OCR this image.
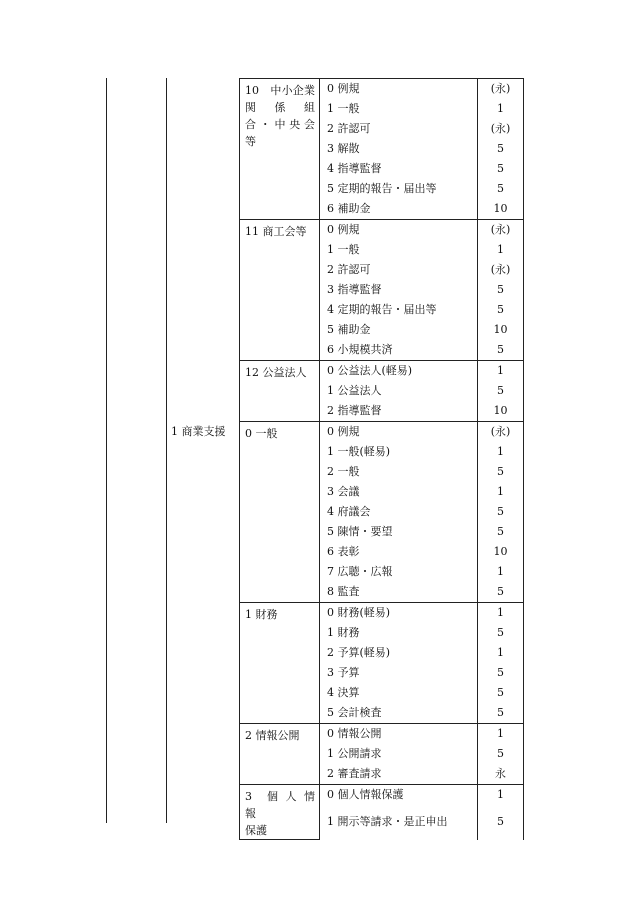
1 商業支援
10　中小企業
関　係　組
合・中央会
等	0 例規	(永)
	1 一般	1
	2 許認可	(永)
	3 解散	5
	4 指導監督	5
	5 定期的報告・届出等	5
	6 補助金	10

11 商工会等	0 例規	(永)
	1 一般	1
	2 許認可	(永)
	3 指導監督	5
	4 定期的報告・届出等	5
	5 補助金	10
	6 小規模共済	5

12 公益法人	0 公益法人(軽易)	1
	1 公益法人	5
	2 指導監督	10

0 一般	0 例規	(永)
	1 一般(軽易)	1
	2 一般	5
	3 会議	1
	4 府議会	5
	5 陳情・要望	5
	6 表彰	10
	7 広聴・広報	1
	8 監査	5

1 財務	0 財務(軽易)	1
	1 財務	5
	2 予算(軽易)	1
	3 予算	5
	4 決算	5
	5 会計検査	5

2 情報公開	0 情報公開	1
	1 公開請求	5
	2 審査請求	永

3　個 人 情 報
保護	0 個人情報保護	1
	1 開示等請求・是正申出	5
